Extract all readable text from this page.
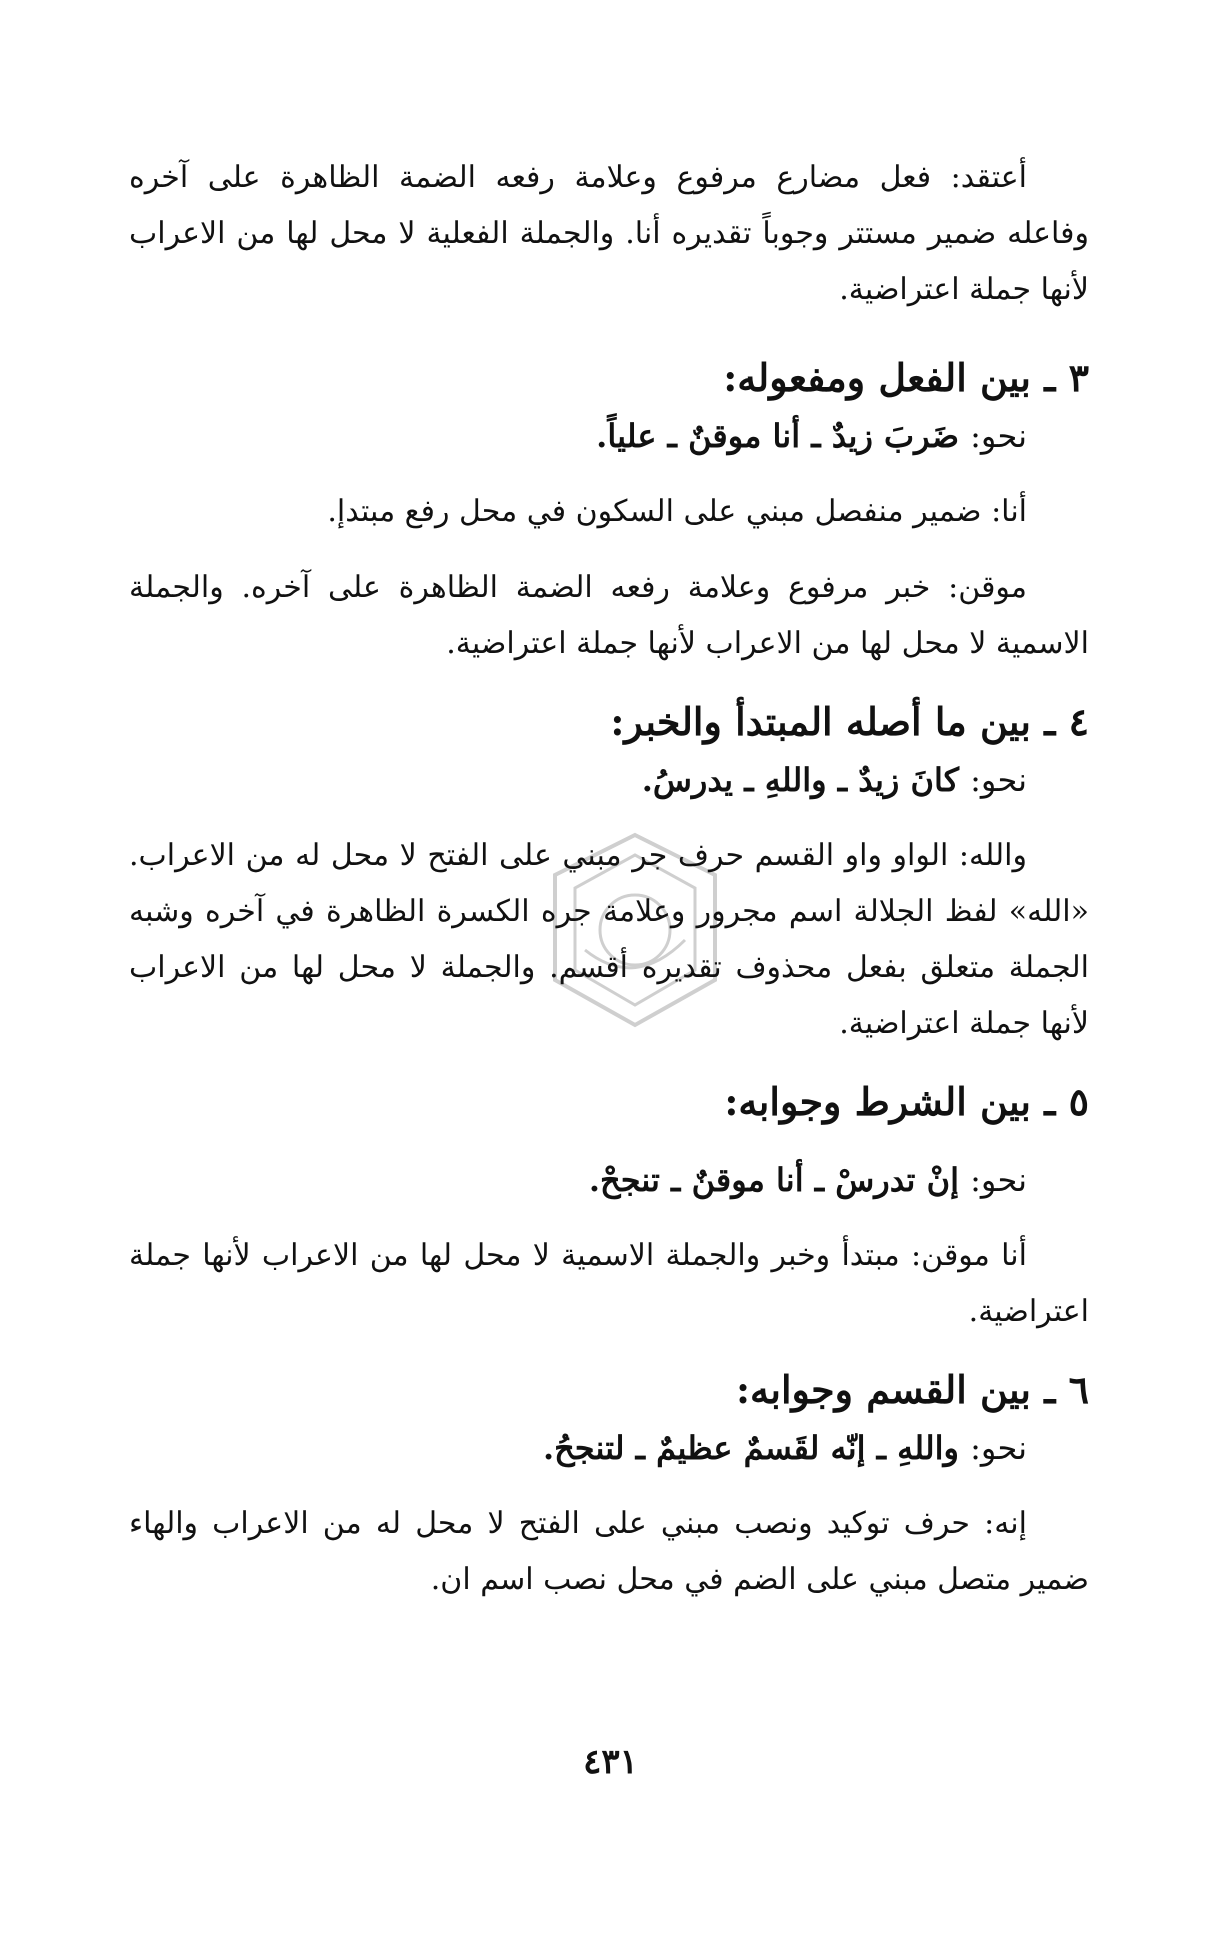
أعتقد: فعل مضارع مرفوع وعلامة رفعه الضمة الظاهرة على آخره وفاعله ضمير مستتر وجوباً تقديره أنا. والجملة الفعلية لا محل لها من الاعراب لأنها جملة اعتراضية.

٣ ـ بين الفعل ومفعوله:

نحو: ضَربَ زيدٌ ـ أنا موقنٌ ـ علياً.

أنا: ضمير منفصل مبني على السكون في محل رفع مبتدإ.

موقن: خبر مرفوع وعلامة رفعه الضمة الظاهرة على آخره. والجملة الاسمية لا محل لها من الاعراب لأنها جملة اعتراضية.

٤ ـ بين ما أصله المبتدأ والخبر:

نحو: كانَ زيدٌ ـ واللهِ ـ يدرسُ.

والله: الواو واو القسم حرف جر مبني على الفتح لا محل له من الاعراب. «الله» لفظ الجلالة اسم مجرور وعلامة جره الكسرة الظاهرة في آخره وشبه الجملة متعلق بفعل محذوف تقديره أقسم. والجملة لا محل لها من الاعراب لأنها جملة اعتراضية.

٥ ـ بين الشرط وجوابه:

نحو: إنْ تدرسْ ـ أنا موقنٌ ـ تنجحْ.

أنا موقن: مبتدأ وخبر والجملة الاسمية لا محل لها من الاعراب لأنها جملة اعتراضية.

٦ ـ بين القسم وجوابه:

نحو: واللهِ ـ إنّه لقَسمٌ عظيمٌ ـ لتنجحُ.

إنه: حرف توكيد ونصب مبني على الفتح لا محل له من الاعراب والهاء ضمير متصل مبني على الضم في محل نصب اسم ان.

٤٣١
